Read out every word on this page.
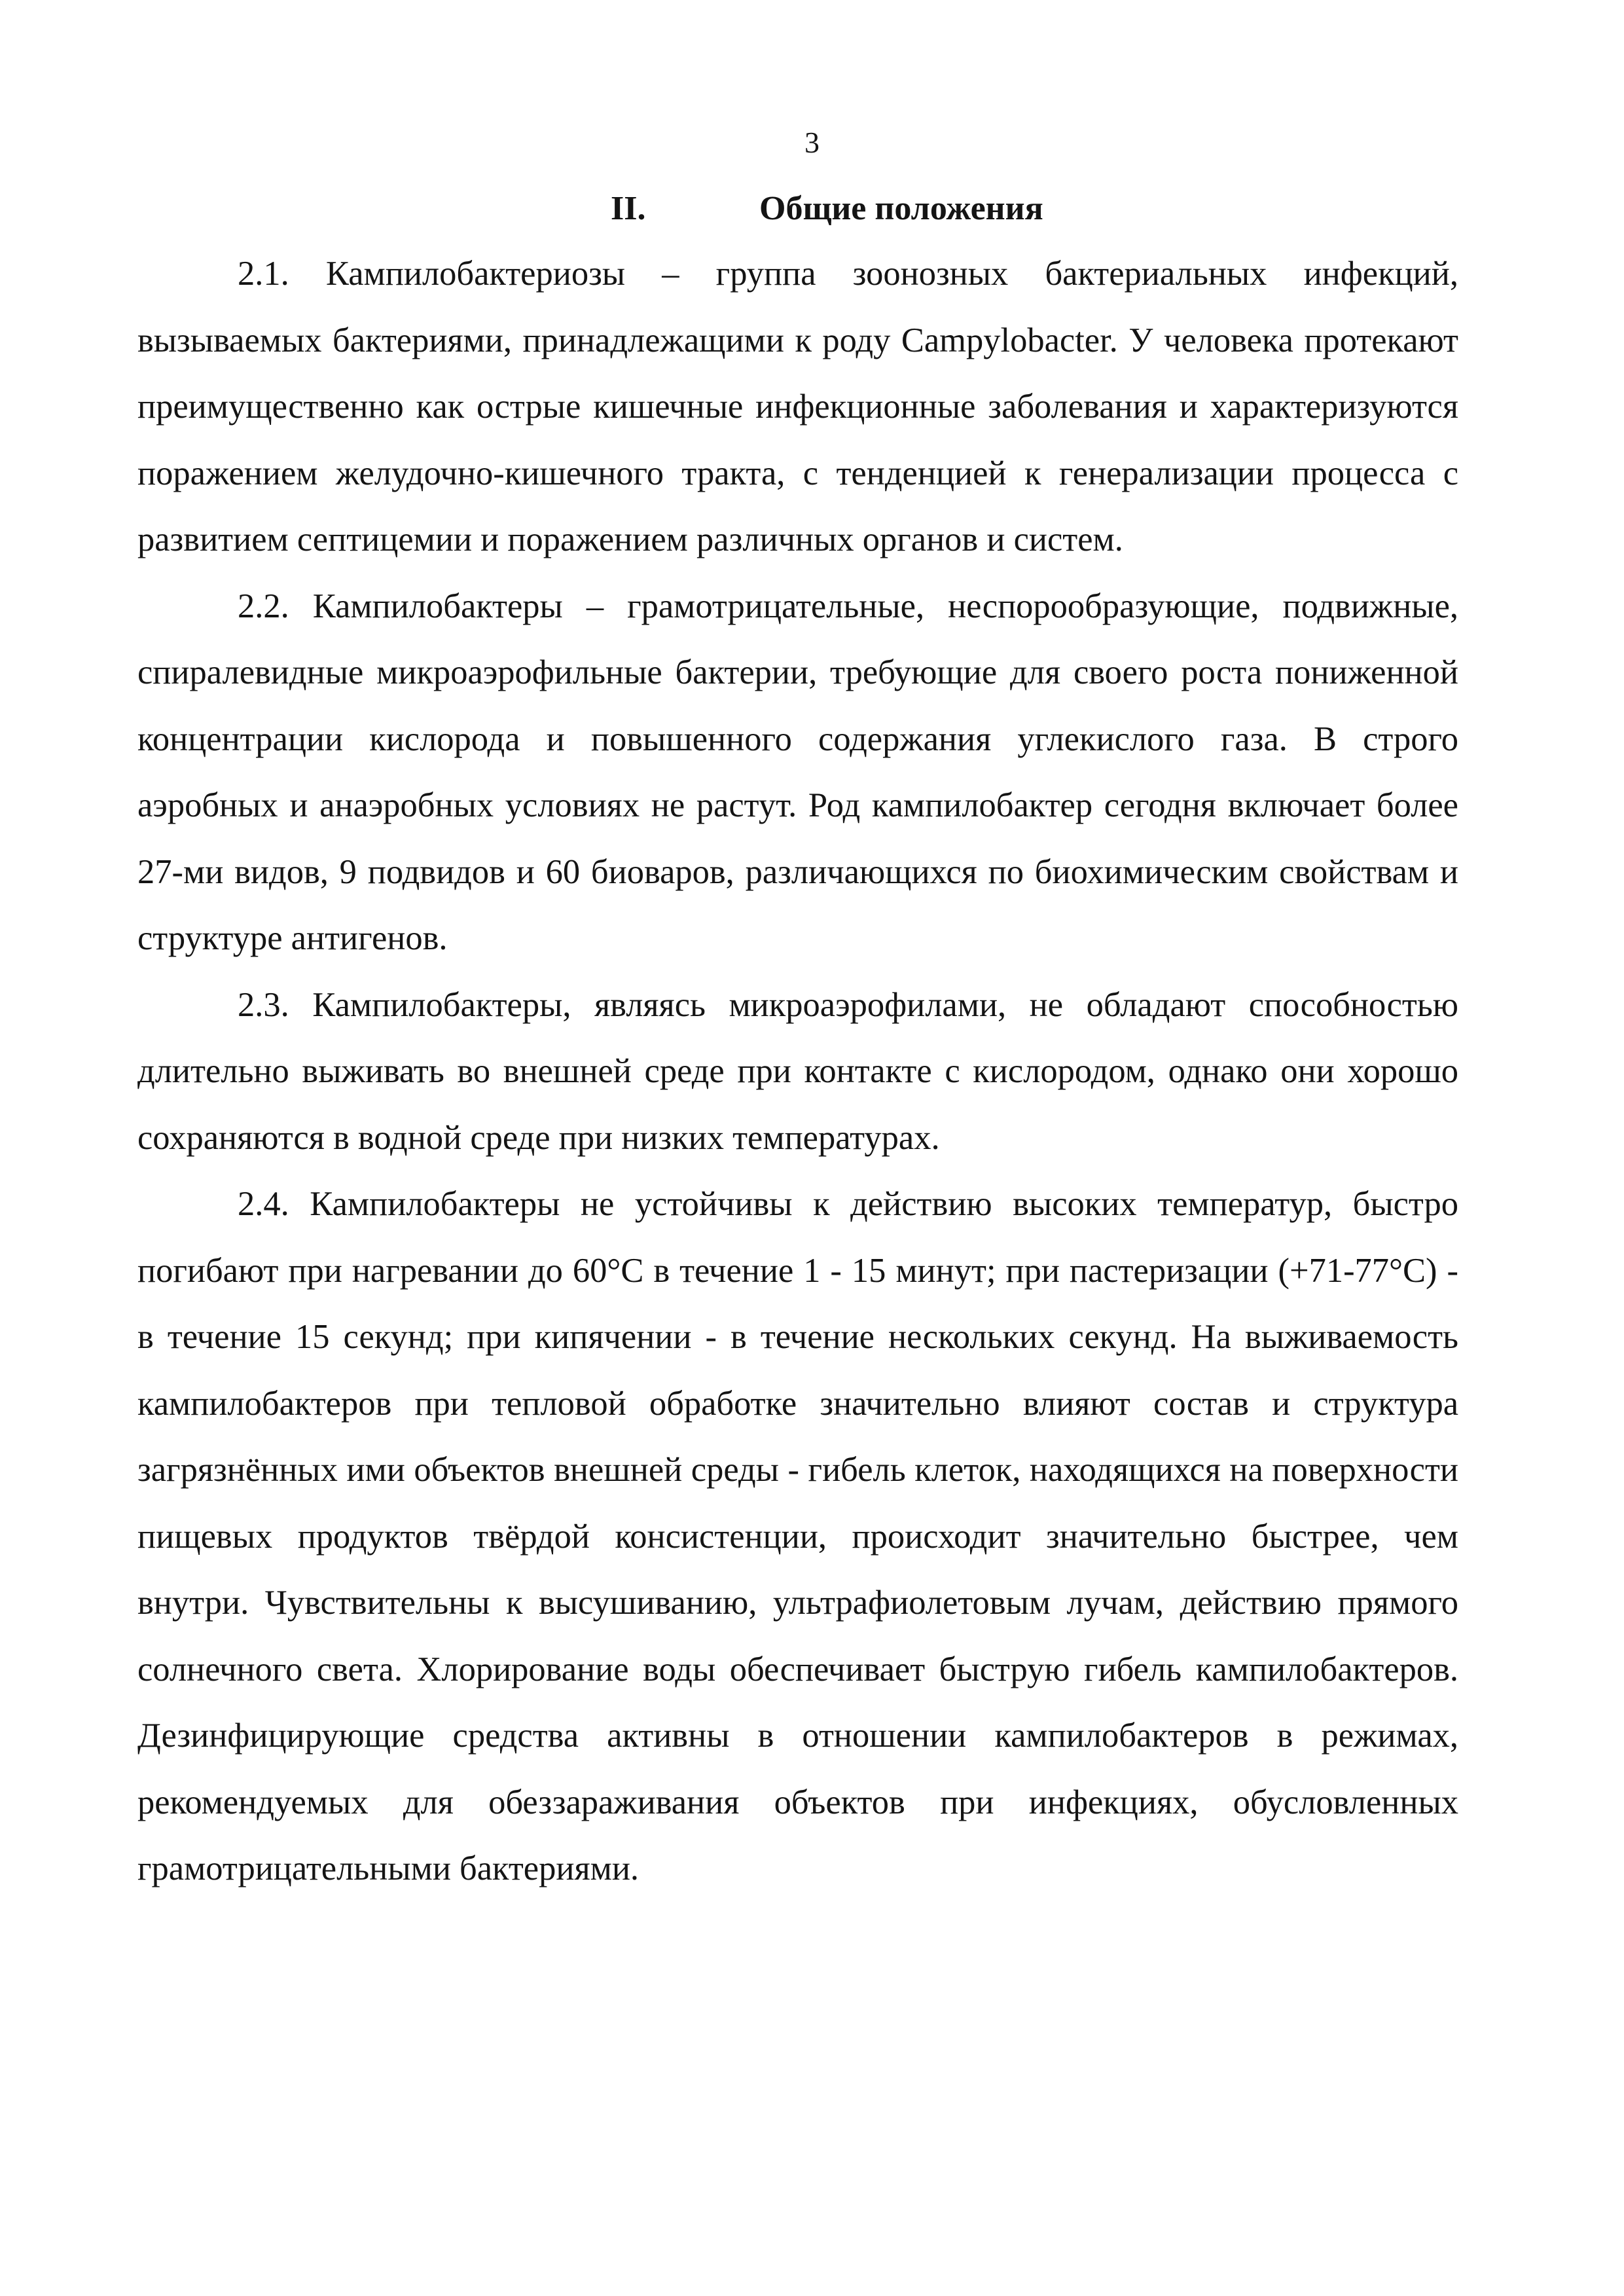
3
II.	Общие положения

2.1. Кампилобактериозы – группа зоонозных бактериальных инфекций, вызываемых бактериями, принадлежащими к роду Campylobacter. У человека протекают преимущественно как острые кишечные инфекционные заболевания и характеризуются поражением желудочно-кишечного тракта, с тенденцией к генерализации процесса с развитием септицемии и поражением различных органов и систем.

2.2. Кампилобактеры – грамотрицательные, неспорообразующие, подвижные, спиралевидные микроаэрофильные бактерии, требующие для своего роста пониженной концентрации кислорода и повышенного содержания углекислого газа. В строго аэробных и анаэробных условиях не растут. Род кампилобактер сегодня включает более 27-ми видов, 9 подвидов и 60 биоваров, различающихся по биохимическим свойствам и структуре антигенов.

2.3. Кампилобактеры, являясь микроаэрофилами, не обладают способностью длительно выживать во внешней среде при контакте с кислородом, однако они хорошо сохраняются в водной среде при низких температурах.

2.4. Кампилобактеры не устойчивы к действию высоких температур, быстро погибают при нагревании до 60°С в течение 1 - 15 минут; при пастеризации (+71-77°С) - в течение 15 секунд; при кипячении - в течение нескольких секунд. На выживаемость кампилобактеров при тепловой обработке значительно влияют состав и структура загрязнённых ими объектов внешней среды - гибель клеток, находящихся на поверхности пищевых продуктов твёрдой консистенции, происходит значительно быстрее, чем внутри. Чувствительны к высушиванию, ультрафиолетовым лучам, действию прямого солнечного света. Хлорирование воды обеспечивает быструю гибель кампилобактеров. Дезинфицирующие средства активны в отношении кампилобактеров в режимах, рекомендуемых для обеззараживания объектов при инфекциях, обусловленных грамотрицательными бактериями.
